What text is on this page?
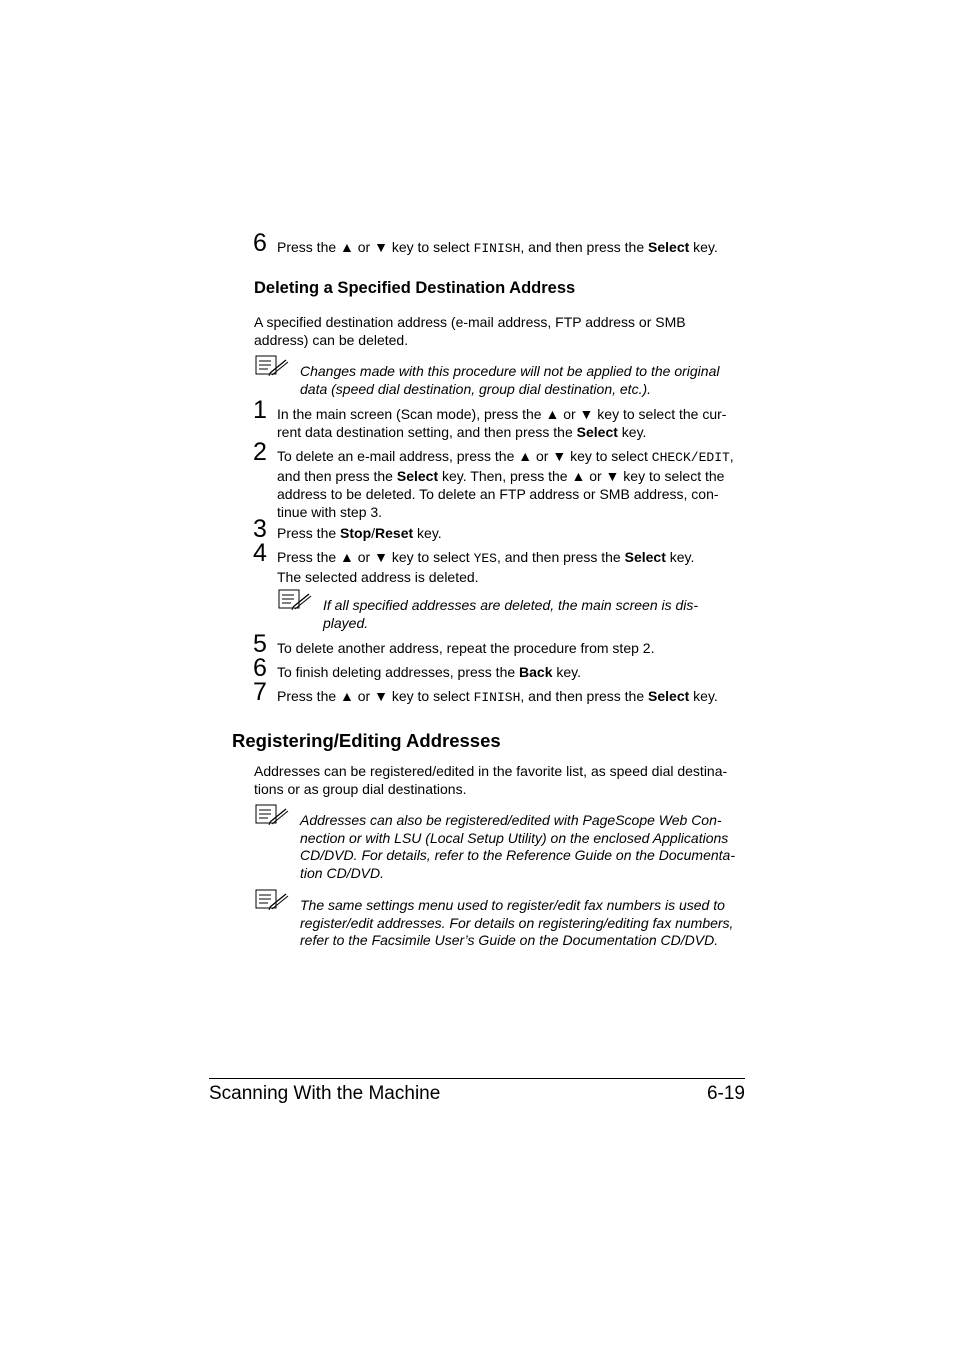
6 Press the ▲ or ▼ key to select FINISH, and then press the Select key.
Deleting a Specified Destination Address
A specified destination address (e-mail address, FTP address or SMB
address) can be deleted.
Changes made with this procedure will not be applied to the original
data (speed dial destination, group dial destination, etc.).
1 In the main screen (Scan mode), press the ▲ or ▼ key to select the cur-
rent data destination setting, and then press the Select key.
2 To delete an e-mail address, press the ▲ or ▼ key to select CHECK/EDIT,
and then press the Select key. Then, press the ▲ or ▼ key to select the
address to be deleted. To delete an FTP address or SMB address, con-
tinue with step 3.
3 Press the Stop/Reset key.
4 Press the ▲ or ▼ key to select YES, and then press the Select key.
The selected address is deleted.
If all specified addresses are deleted, the main screen is dis-
played.
5 To delete another address, repeat the procedure from step 2.
6 To finish deleting addresses, press the Back key.
7 Press the ▲ or ▼ key to select FINISH, and then press the Select key.
Registering/Editing Addresses
Addresses can be registered/edited in the favorite list, as speed dial destina-
tions or as group dial destinations.
Addresses can also be registered/edited with PageScope Web Con-
nection or with LSU (Local Setup Utility) on the enclosed Applications
CD/DVD. For details, refer to the Reference Guide on the Documenta-
tion CD/DVD.
The same settings menu used to register/edit fax numbers is used to
register/edit addresses. For details on registering/editing fax numbers,
refer to the Facsimile User’s Guide on the Documentation CD/DVD.
Scanning With the Machine	6-19
